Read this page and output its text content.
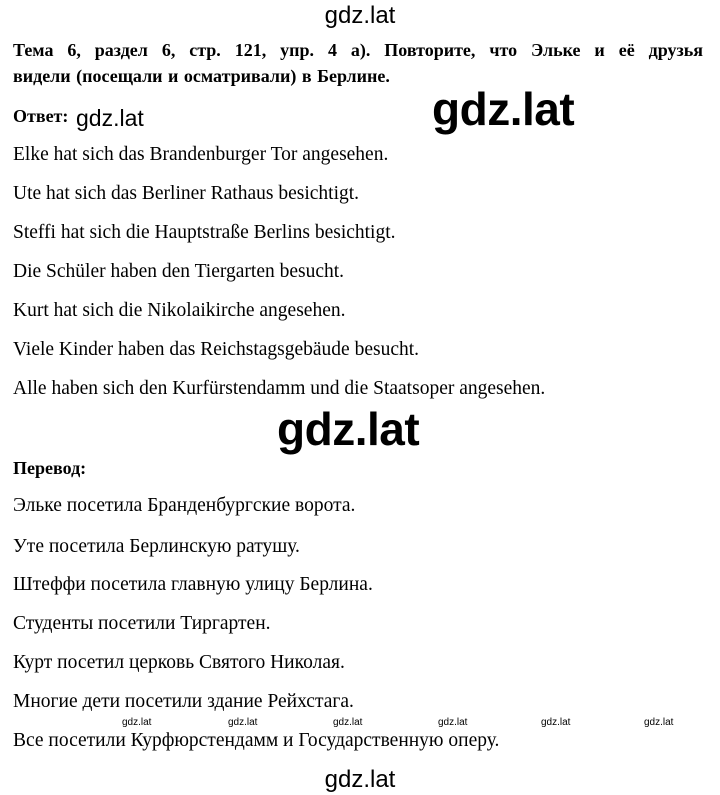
gdz.lat
Тема 6, раздел 6, стр. 121, упр. 4 а). Повторите, что Эльке и её друзья
видели (посещали и осматривали) в Берлине.
Ответ: gdz.lat	gdz.lat
Elke hat sich das Brandenburger Tor angesehen.
Ute hat sich das Berliner Rathaus besichtigt.
Steffi hat sich die Hauptstraße Berlins besichtigt.
Die Schüler haben den Tiergarten besucht.
Kurt hat sich die Nikolaikirche angesehen.
Viele Kinder haben das Reichstagsgebäude besucht.
Alle haben sich den Kurfürstendamm und die Staatsoper angesehen.
gdz.lat
Перевод:
Эльке посетила Бранденбургские ворота.
Уте посетила Берлинскую ратушу.
Штеффи посетила главную улицу Берлина.
Студенты посетили Тиргартен.
Курт посетил церковь Святого Николая.
Многие дети посетили здание Рейхстага.
Все посетили Курфюрстендамм и Государственную оперу.
gdz.lat	gdz.lat	gdz.lat	gdz.lat	gdz.lat	gdz.lat
gdz.lat
